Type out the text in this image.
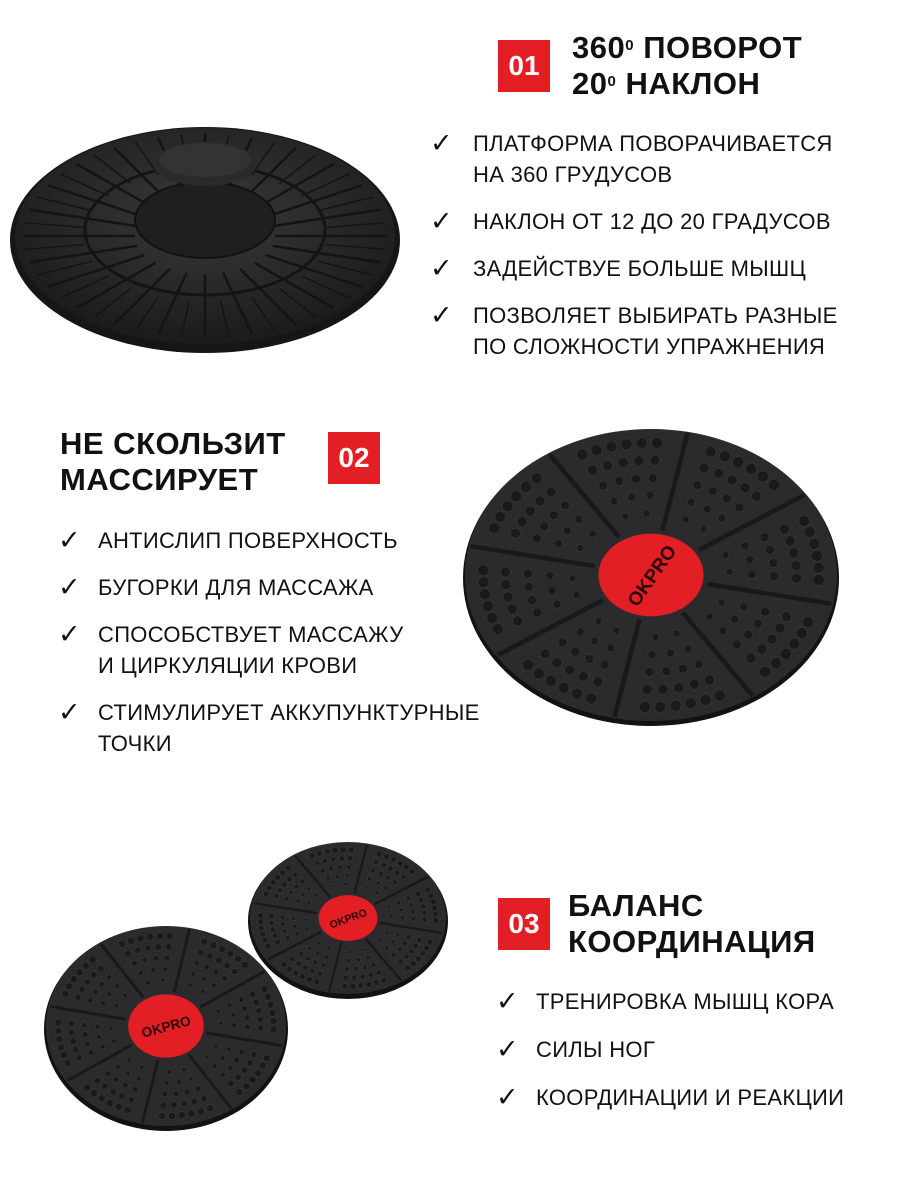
01
$360^0$ ПОВОРОТ
$20^0$ НАКЛОН
✓ ПЛАТФОРМА ПОВОРАЧИВАЕТСЯ
НА 360 ГРУДУСОВ
✓ НАКЛОН ОТ 12 ДО 20 ГРАДУСОВ
✓ ЗАДЕЙСТВУЕ БОЛЬШЕ МЫШЦ
✓ ПОЗВОЛЯЕТ ВЫБИРАТЬ РАЗНЫЕ
ПО СЛОЖНОСТИ УПРАЖНЕНИЯ
НЕ СКОЛЬЗИТ
МАССИРУЕТ
02
✓ АНТИСЛИП ПОВЕРХНОСТЬ
✓ БУГОРКИ ДЛЯ МАССАЖА
✓ СПОСОБСТВУЕТ МАССАЖУ
И ЦИРКУЛЯЦИИ КРОВИ
✓ СТИМУЛИРУЕТ АККУПУНКТУРНЫЕ
ТОЧКИ
OKPRO
OKPRO
OKPRO
03
БАЛАНС
КООРДИНАЦИЯ
✓ ТРЕНИРОВКА МЫШЦ КОРА
✓ СИЛЫ НОГ
✓ КООРДИНАЦИИ И РЕАКЦИИ
